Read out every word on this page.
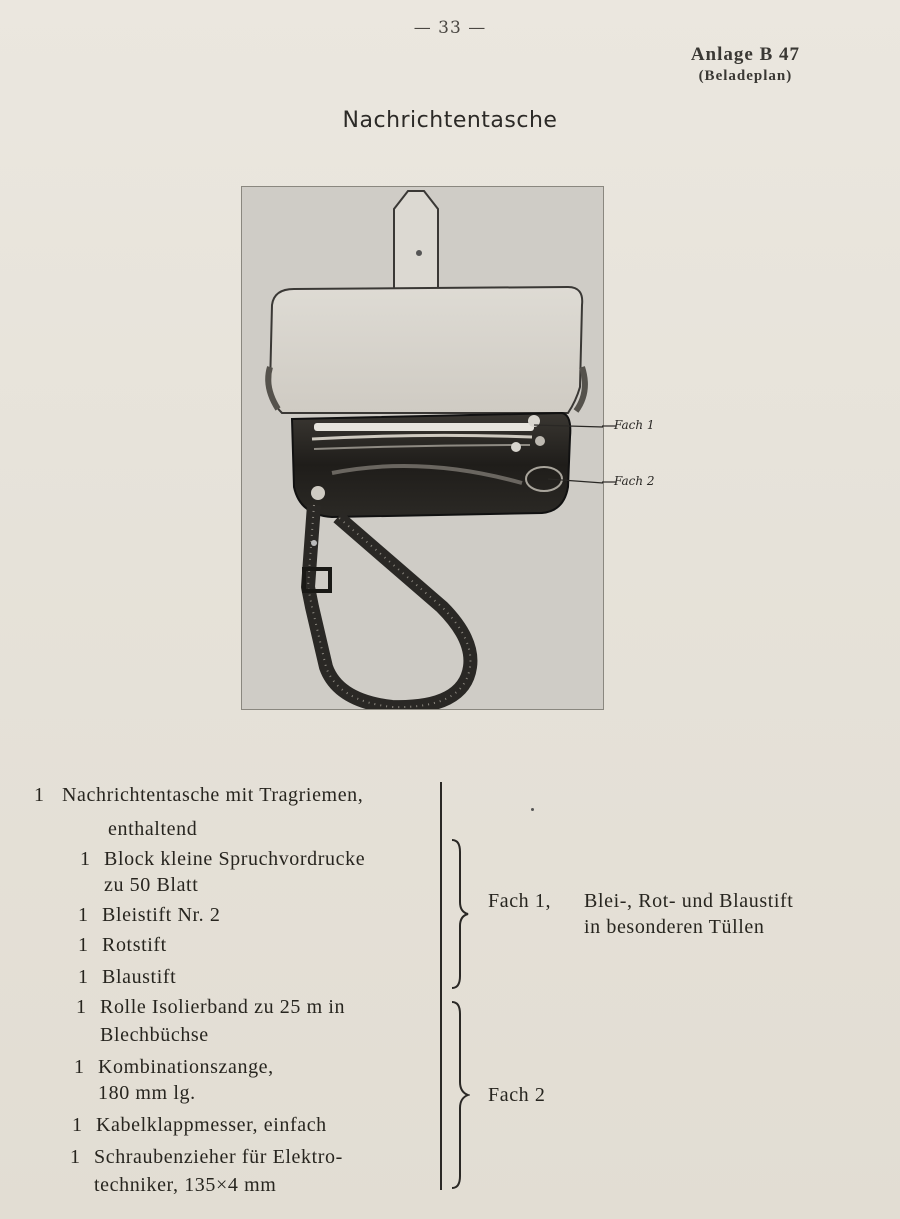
— 33 —
Anlage B 47
(Beladeplan)
Nachrichtentasche
Fach 1
Fach 2
1 Nachrichtentasche mit Tragriemen,
enthaltend
1 Block kleine Spruchvordrucke
zu 50 Blatt
1 Bleistift Nr. 2
1 Rotstift
1 Blaustift
1 Rolle Isolierband zu 25 m in
Blechbüchse
1 Kombinationszange,
180 mm lg.
1 Kabelklappmesser, einfach
1 Schraubenzieher für Elektro-
techniker, 135×4 mm
Fach 1, Blei-, Rot- und Blaustift
in besonderen Tüllen
Fach 2
